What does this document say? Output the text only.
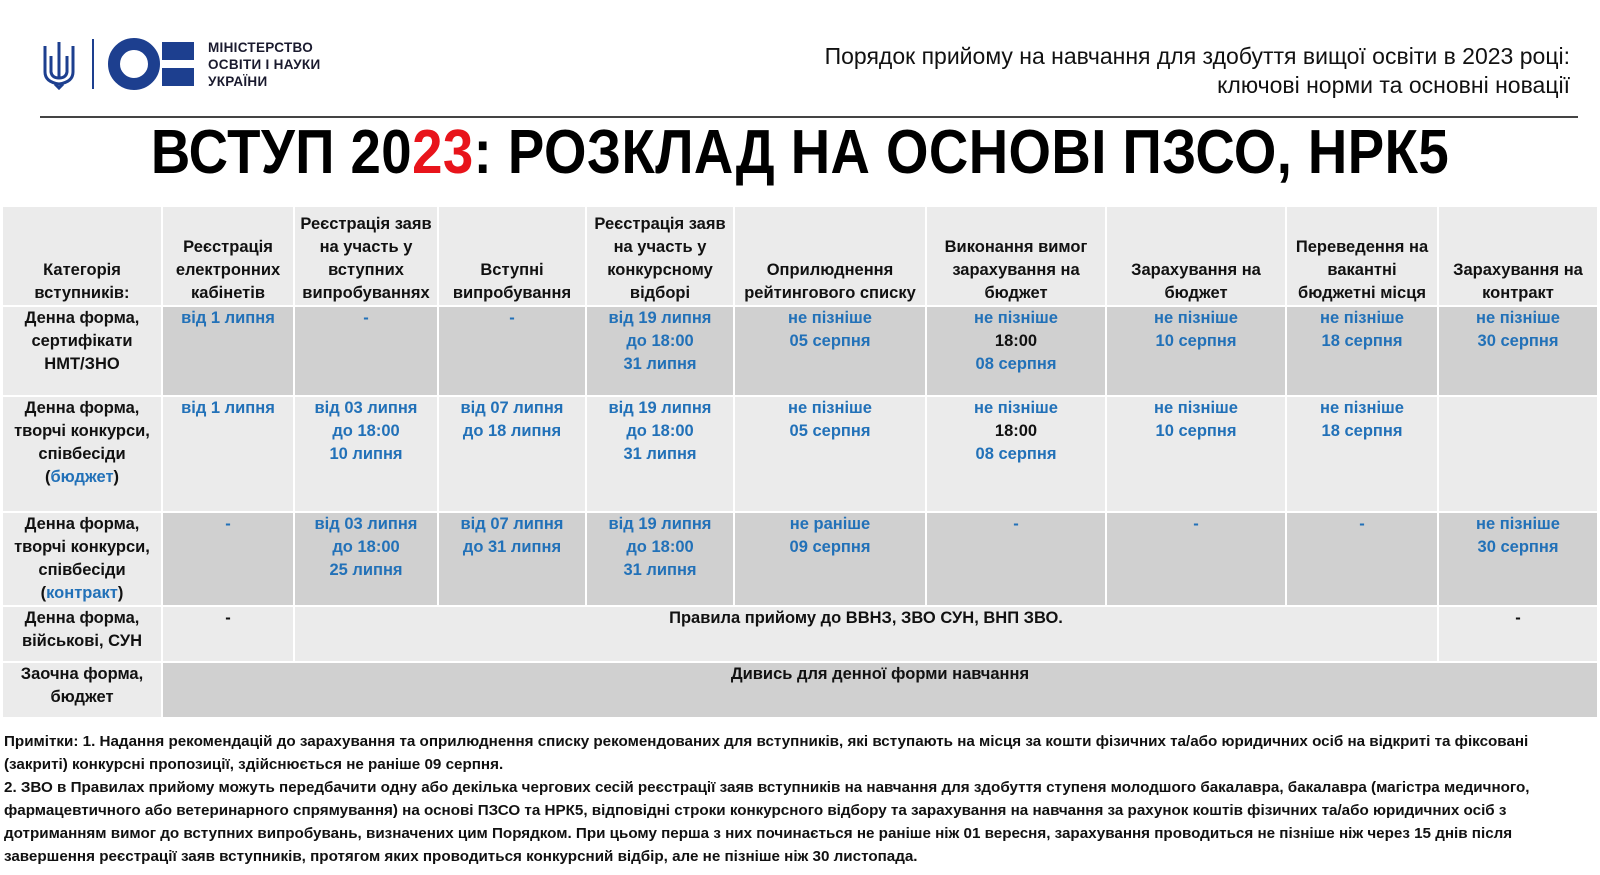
МІНІСТЕРСТВО
ОСВІТИ І НАУКИ
УКРАЇНИ
Порядок прийому на навчання для здобуття вищої освіти в 2023 році:
ключові норми та основні новації
ВСТУП 2023: РОЗКЛАД НА ОСНОВІ ПЗСО, НРК5
Категорія вступників:	Реєстрація електронних кабінетів	Реєстрація заяв на участь у вступних випробуваннях	Вступні випробування	Реєстрація заяв на участь у конкурсному відборі	Оприлюднення рейтингового списку	Виконання вимог зарахування на бюджет	Зарахування на бюджет	Переведення на вакантні бюджетні місця	Зарахування на контракт

Денна форма,
сертифікати
НМТ/ЗНО	від 1 липня	-	-	від 19 липня
до 18:00
31 липня	не пізніше
05 серпня	не пізніше
18:00
08 серпня	не пізніше
10 серпня	не пізніше
18 серпня	не пізніше
30 серпня

Денна форма,
творчі конкурси,
співбесіди
(бюджет)	від 1 липня	від 03 липня
до 18:00
10 липня	від 07 липня
до 18 липня	від 19 липня
до 18:00
31 липня	не пізніше
05 серпня	не пізніше
18:00
08 серпня	не пізніше
10 серпня	не пізніше
18 серпня	

Денна форма,
творчі конкурси,
співбесіди
(контракт)	-	від 03 липня
до 18:00
25 липня	від 07 липня
до 31 липня	від 19 липня
до 18:00
31 липня	не раніше
09 серпня	-	-	-	не пізніше
30 серпня

Денна форма,
військові, СУН	-	Правила прийому до ВВНЗ, ЗВО СУН, ВНП ЗВО.							-

Заочна форма,
бюджет	Дивись для денної форми навчання								

Примітки: 1. Надання рекомендацій до зарахування та оприлюднення списку рекомендованих для вступників, які вступають на місця за кошти фізичних та/або юридичних осіб на відкриті та фіксовані (закриті) конкурсні пропозиції, здійснюється не раніше 09 серпня.

2. ЗВО в Правилах прийому можуть передбачити одну або декілька чергових сесій реєстрації заяв вступників на навчання для здобуття ступеня молодшого бакалавра, бакалавра (магістра медичного, фармацевтичного або ветеринарного спрямування) на основі ПЗСО та НРК5, відповідні строки конкурсного відбору та зарахування на навчання за рахунок коштів фізичних та/або юридичних осіб з дотриманням вимог до вступних випробувань, визначених цим Порядком. При цьому перша з них починається не раніше ніж 01 вересня, зарахування проводиться не пізніше ніж через 15 днів після завершення реєстрації заяв вступників, протягом яких проводиться конкурсний відбір, але не пізніше ніж 30 листопада.
